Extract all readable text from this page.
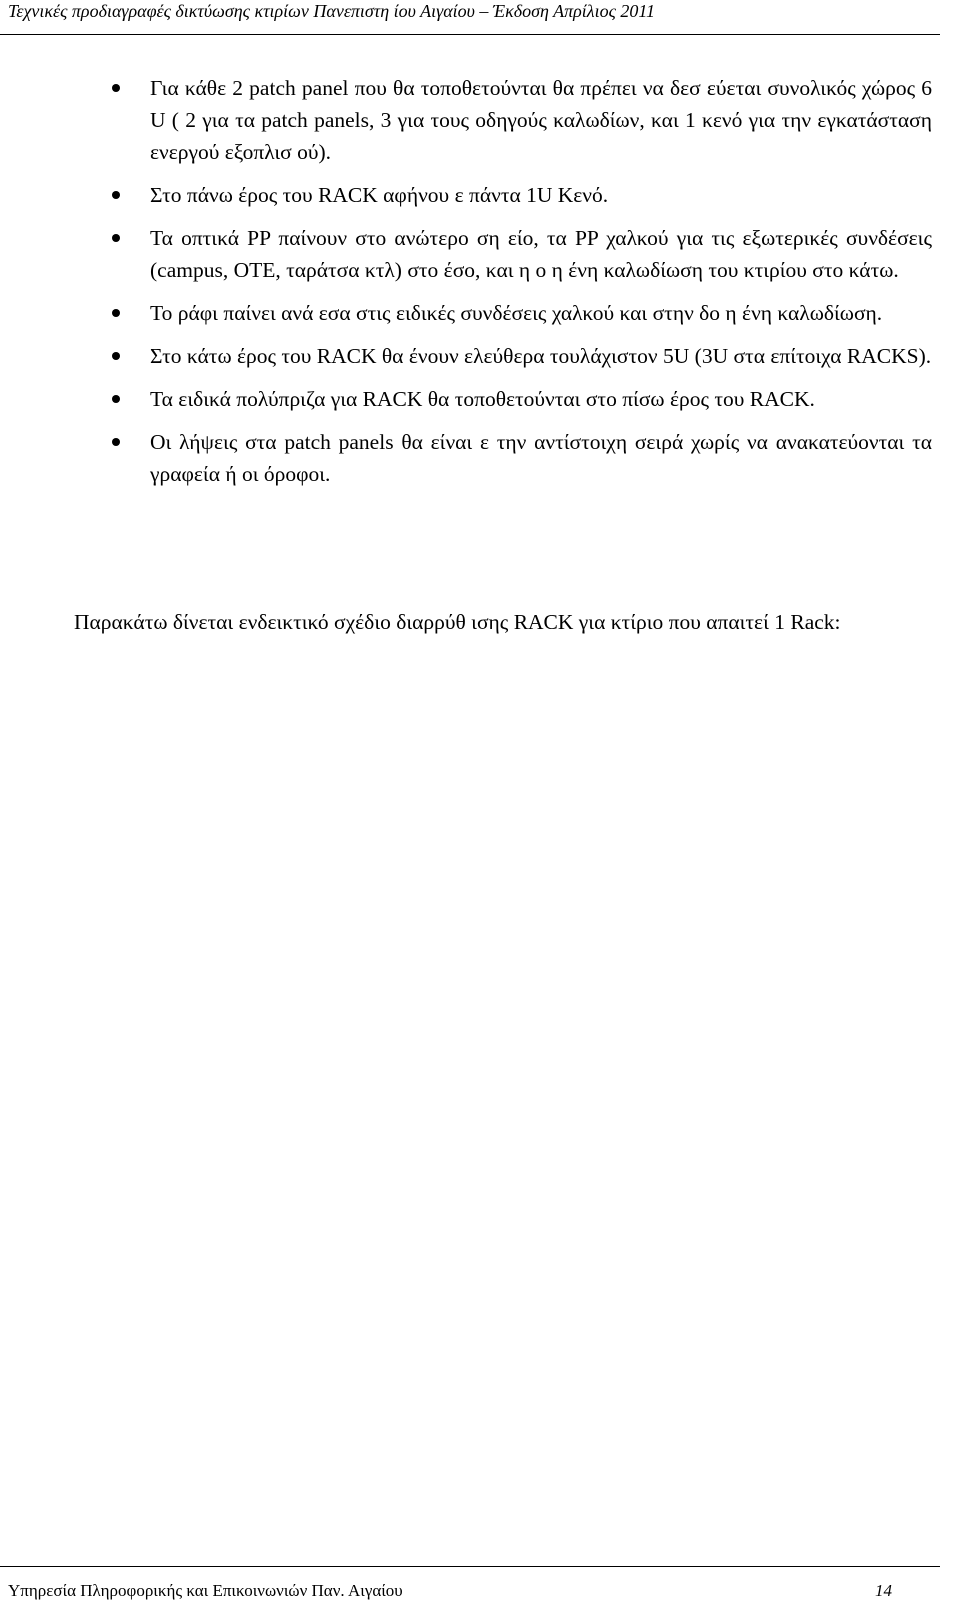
Τεχνικές προδιαγραφές δικτύωσης κτιρίων Πανεπιστη ίου Αιγαίου – Έκδοση Απρίλιος 2011
Για κάθε 2 patch panel που θα τοποθετούνται θα πρέπει να δεσ εύεται συνολικός χώρος 6 U ( 2 για τα patch panels, 3 για τους οδηγούς καλωδίων, και 1 κενό για την εγκατάσταση ενεργού εξοπλισ ού).
Στο πάνω έρος του RACK αφήνου ε πάντα 1U Κενό.
Τα οπτικά PP παίνουν στο ανώτερο ση είο, τα PP χαλκού για τις εξωτερικές συνδέσεις (campus, ΟΤΕ, ταράτσα κτλ) στο έσο, και η ο η ένη καλωδίωση του κτιρίου στο κάτω.
Το ράφι παίνει ανά εσα στις ειδικές συνδέσεις χαλκού και στην δο η ένη καλωδίωση.
Στο κάτω έρος του RACK θα ένουν ελεύθερα τουλάχιστον 5U (3U στα επίτοιχα RACKS).
Τα ειδικά πολύπριζα για RACK θα τοποθετούνται στο πίσω έρος του RACK.
Οι λήψεις στα patch panels θα είναι ε την αντίστοιχη σειρά χωρίς να ανακατεύονται τα γραφεία ή οι όροφοι.

Παρακάτω δίνεται ενδεικτικό σχέδιο διαρρύθ ισης RACK για κτίριο που απαιτεί 1 Rack:

Υπηρεσία Πληροφορικής και Επικοινωνιών Παν. Αιγαίου	14
